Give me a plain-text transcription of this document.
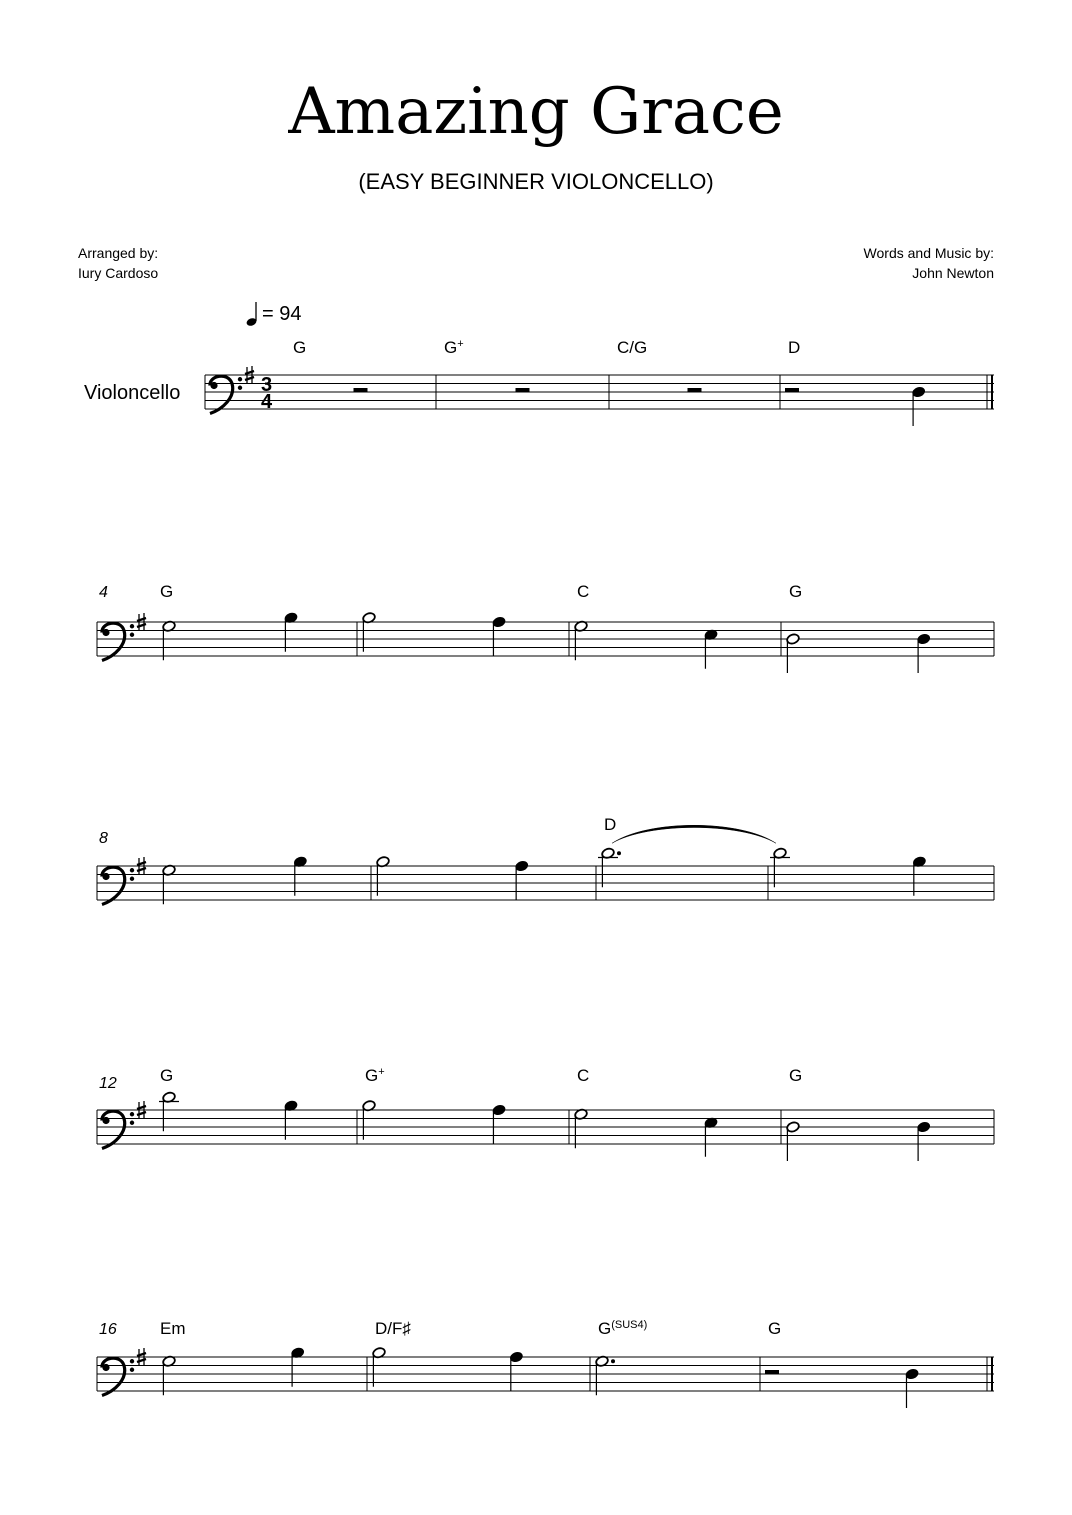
Amazing Grace
(EASY BEGINNER VIOLONCELLO)
Arranged by:
Iury Cardoso
Words and Music by:
John Newton
= 94
Violoncello	3
4
G	G+	C/G	D
4	G	C	G
8
D
12	G	G+	C	G
16	Em	D/F♯	$G^{(SUS4)}$	G
